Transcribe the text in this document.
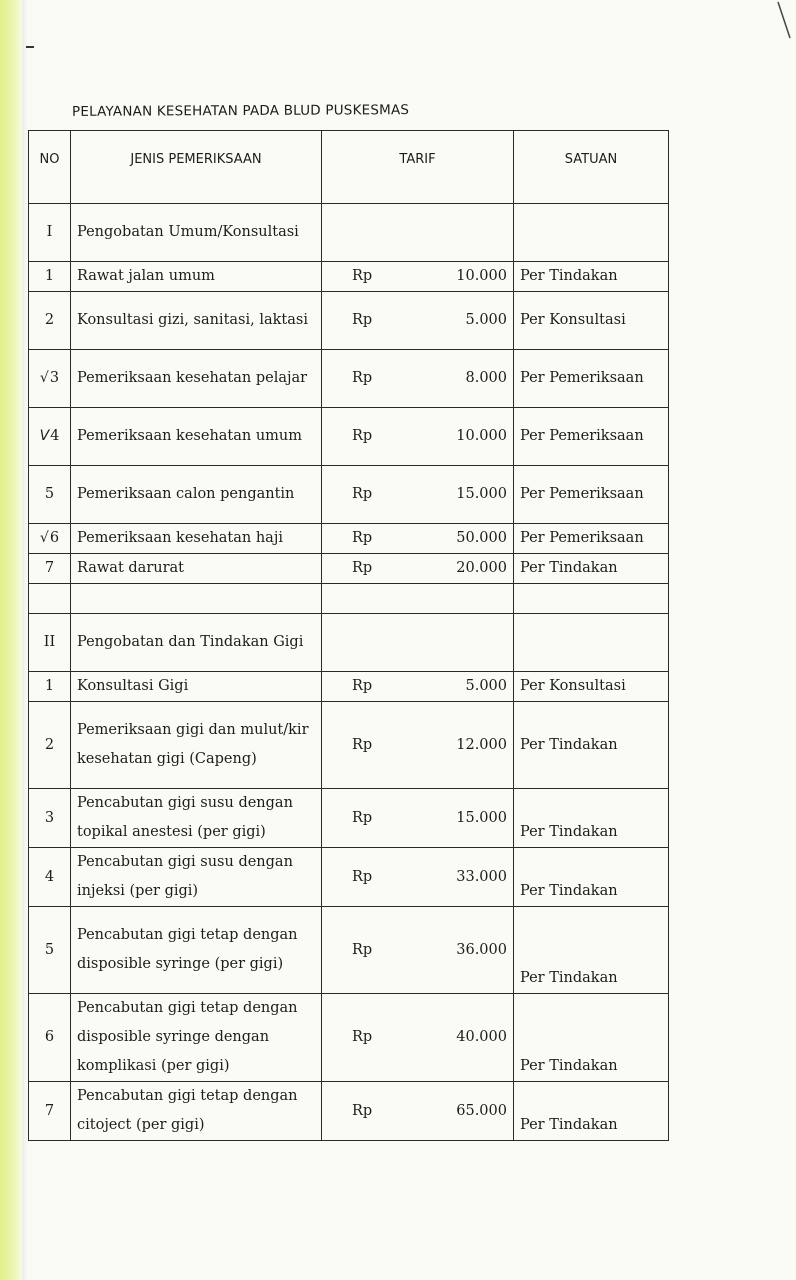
PELAYANAN KESEHATAN PADA BLUD PUSKESMAS
NO	JENIS PEMERIKSAAN	TARIF	SATUAN
I	Pengobatan Umum/Konsultasi		
1	Rawat jalan umum	Rp 10.000	Per Tindakan
2	Konsultasi gizi, sanitasi, laktasi	Rp 5.000	Per Konsultasi
√3	Pemeriksaan kesehatan pelajar	Rp 8.000	Per Pemeriksaan
V4	Pemeriksaan kesehatan umum	Rp 10.000	Per Pemeriksaan
5	Pemeriksaan calon pengantin	Rp 15.000	Per Pemeriksaan
√6	Pemeriksaan kesehatan haji	Rp 50.000	Per Pemeriksaan
7	Rawat darurat	Rp 20.000	Per Tindakan

II	Pengobatan dan Tindakan Gigi		
1	Konsultasi Gigi	Rp 5.000	Per Konsultasi
2	Pemeriksaan gigi dan mulut/kir kesehatan gigi (Capeng)	Rp 12.000	Per Tindakan
3	Pencabutan gigi susu dengan topikal anestesi (per gigi)	Rp 15.000	Per Tindakan
4	Pencabutan gigi susu dengan injeksi (per gigi)	Rp 33.000	Per Tindakan
5	Pencabutan gigi tetap dengan disposible syringe (per gigi)	Rp 36.000	Per Tindakan
6	Pencabutan gigi tetap dengan disposible syringe dengan komplikasi (per gigi)	Rp 40.000	Per Tindakan
7	Pencabutan gigi tetap dengan citoject (per gigi)	Rp 65.000	Per Tindakan
